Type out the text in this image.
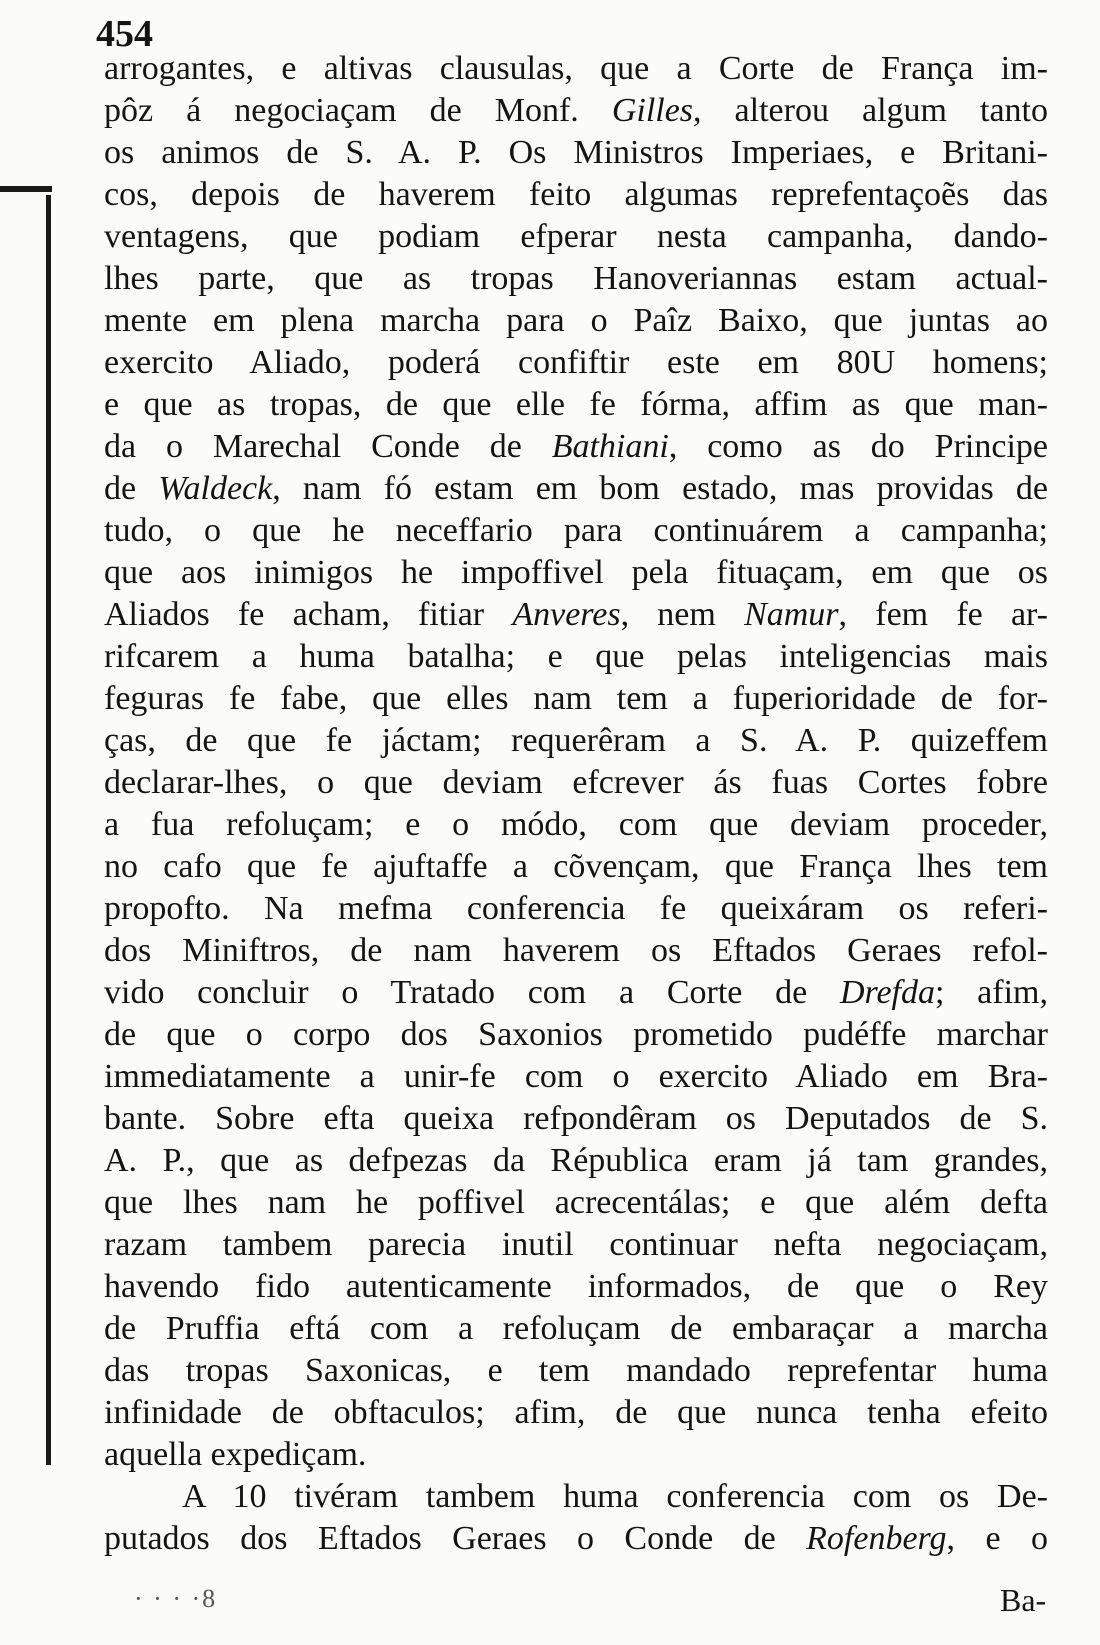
454
arrogantes, e altivas clausulas, que a Corte de França im-
pôz á negociaçam de Monf. Gilles, alterou algum tanto
os animos de S. A. P. Os Ministros Imperiaes, e Britani-
cos, depois de haverem feito algumas reprefentaçoẽs das
ventagens, que podiam efperar nesta campanha, dando-
lhes parte, que as tropas Hanoveriannas estam actual-
mente em plena marcha para o Paîz Baixo, que juntas ao
exercito Aliado, poderá confiftir este em 80U homens;
e que as tropas, de que elle fe fórma, affim as que man-
da o Marechal Conde de Bathiani, como as do Principe
de Waldeck, nam fó estam em bom estado, mas providas de
tudo, o que he neceffario para continuárem a campanha;
que aos inimigos he impoffivel pela fituaçam, em que os
Aliados fe acham, fitiar Anveres, nem Namur, fem fe ar-
rifcarem a huma batalha; e que pelas inteligencias mais
feguras fe fabe, que elles nam tem a fuperioridade de for-
ças, de que fe jáctam; requerêram a S. A. P. quizeffem
declarar-lhes, o que deviam efcrever ás fuas Cortes fobre
a fua refoluçam; e o módo, com que deviam proceder,
no cafo que fe ajuftaffe a cõvençam, que França lhes tem
propofto. Na mefma conferencia fe queixáram os referi-
dos Miniftros, de nam haverem os Eftados Geraes refol-
vido concluir o Tratado com a Corte de Drefda; afim,
de que o corpo dos Saxonios prometido pudéffe marchar
immediatamente a unir-fe com o exercito Aliado em Bra-
bante. Sobre efta queixa refpondêram os Deputados de S.
A. P., que as defpezas da Républica eram já tam grandes,
que lhes nam he poffivel acrecentálas; e que além defta
razam tambem parecia inutil continuar nefta negociaçam,
havendo fido autenticamente informados, de que o Rey
de Pruffia eftá com a refoluçam de embaraçar a marcha
das tropas Saxonicas, e tem mandado reprefentar huma
infinidade de obftaculos; afim, de que nunca tenha efeito
aquella expediçam.
A 10 tivéram tambem huma conferencia com os De-
putados dos Eftados Geraes o Conde de Rofenberg, e o
· · · ·8	Ba-
